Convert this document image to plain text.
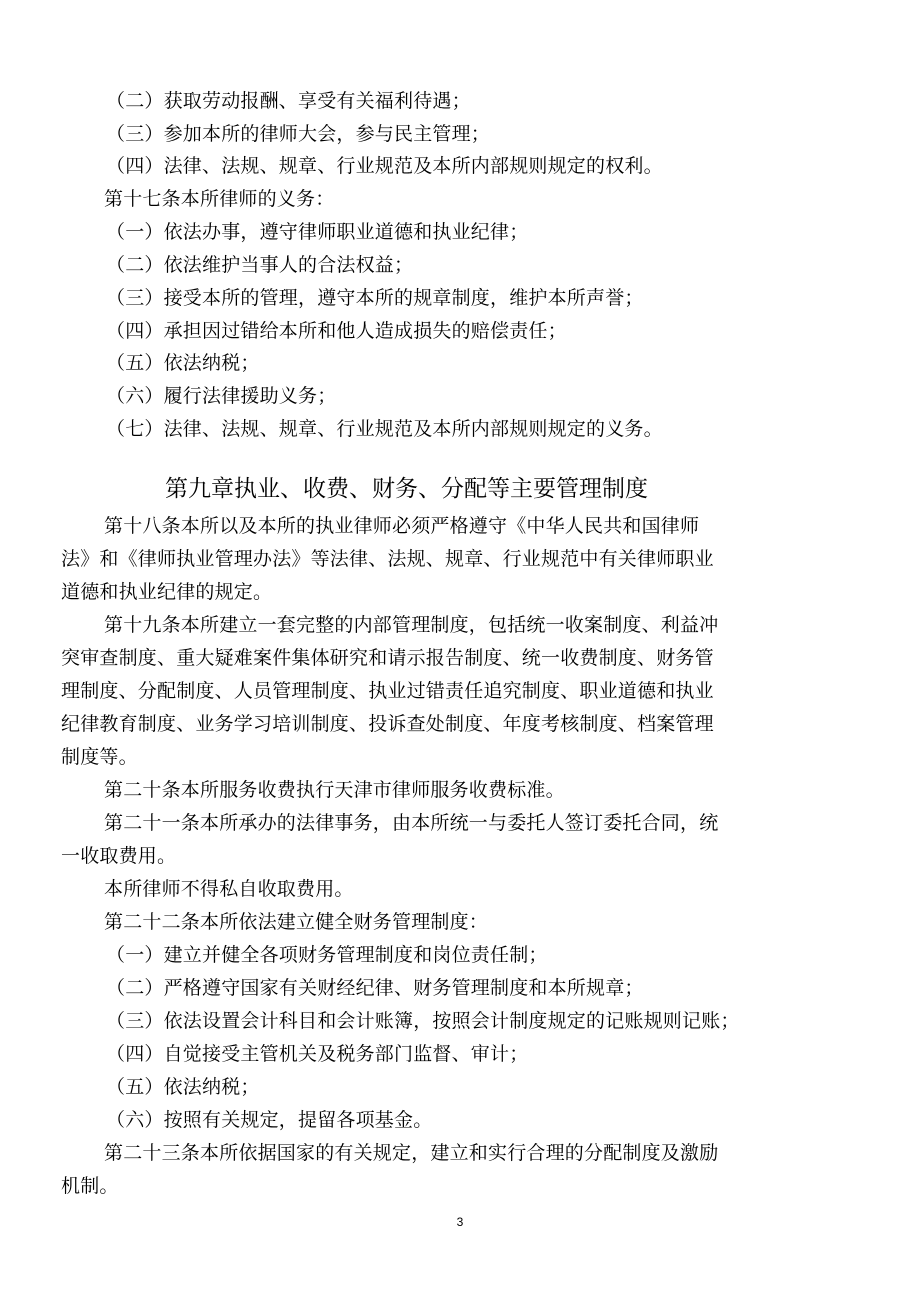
（二）获取劳动报酬、享受有关福利待遇；
（三）参加本所的律师大会，参与民主管理；
（四）法律、法规、规章、行业规范及本所内部规则规定的权利。
第十七条本所律师的义务：
（一）依法办事，遵守律师职业道德和执业纪律；
（二）依法维护当事人的合法权益；
（三）接受本所的管理，遵守本所的规章制度，维护本所声誉；
（四）承担因过错给本所和他人造成损失的赔偿责任；
（五）依法纳税；
（六）履行法律援助义务；
（七）法律、法规、规章、行业规范及本所内部规则规定的义务。
第九章执业、收费、财务、分配等主要管理制度
第十八条本所以及本所的执业律师必须严格遵守《中华人民共和国律师
法》和《律师执业管理办法》等法律、法规、规章、行业规范中有关律师职业
道德和执业纪律的规定。
第十九条本所建立一套完整的内部管理制度，包括统一收案制度、利益冲
突审查制度、重大疑难案件集体研究和请示报告制度、统一收费制度、财务管
理制度、分配制度、人员管理制度、执业过错责任追究制度、职业道德和执业
纪律教育制度、业务学习培训制度、投诉查处制度、年度考核制度、档案管理
制度等。
第二十条本所服务收费执行天津市律师服务收费标准。
第二十一条本所承办的法律事务，由本所统一与委托人签订委托合同，统
一收取费用。
本所律师不得私自收取费用。
第二十二条本所依法建立健全财务管理制度：
（一）建立并健全各项财务管理制度和岗位责任制；
（二）严格遵守国家有关财经纪律、财务管理制度和本所规章；
（三）依法设置会计科目和会计账簿，按照会计制度规定的记账规则记账；
（四）自觉接受主管机关及税务部门监督、审计；
（五）依法纳税；
（六）按照有关规定，提留各项基金。
第二十三条本所依据国家的有关规定，建立和实行合理的分配制度及激励
机制。
3
